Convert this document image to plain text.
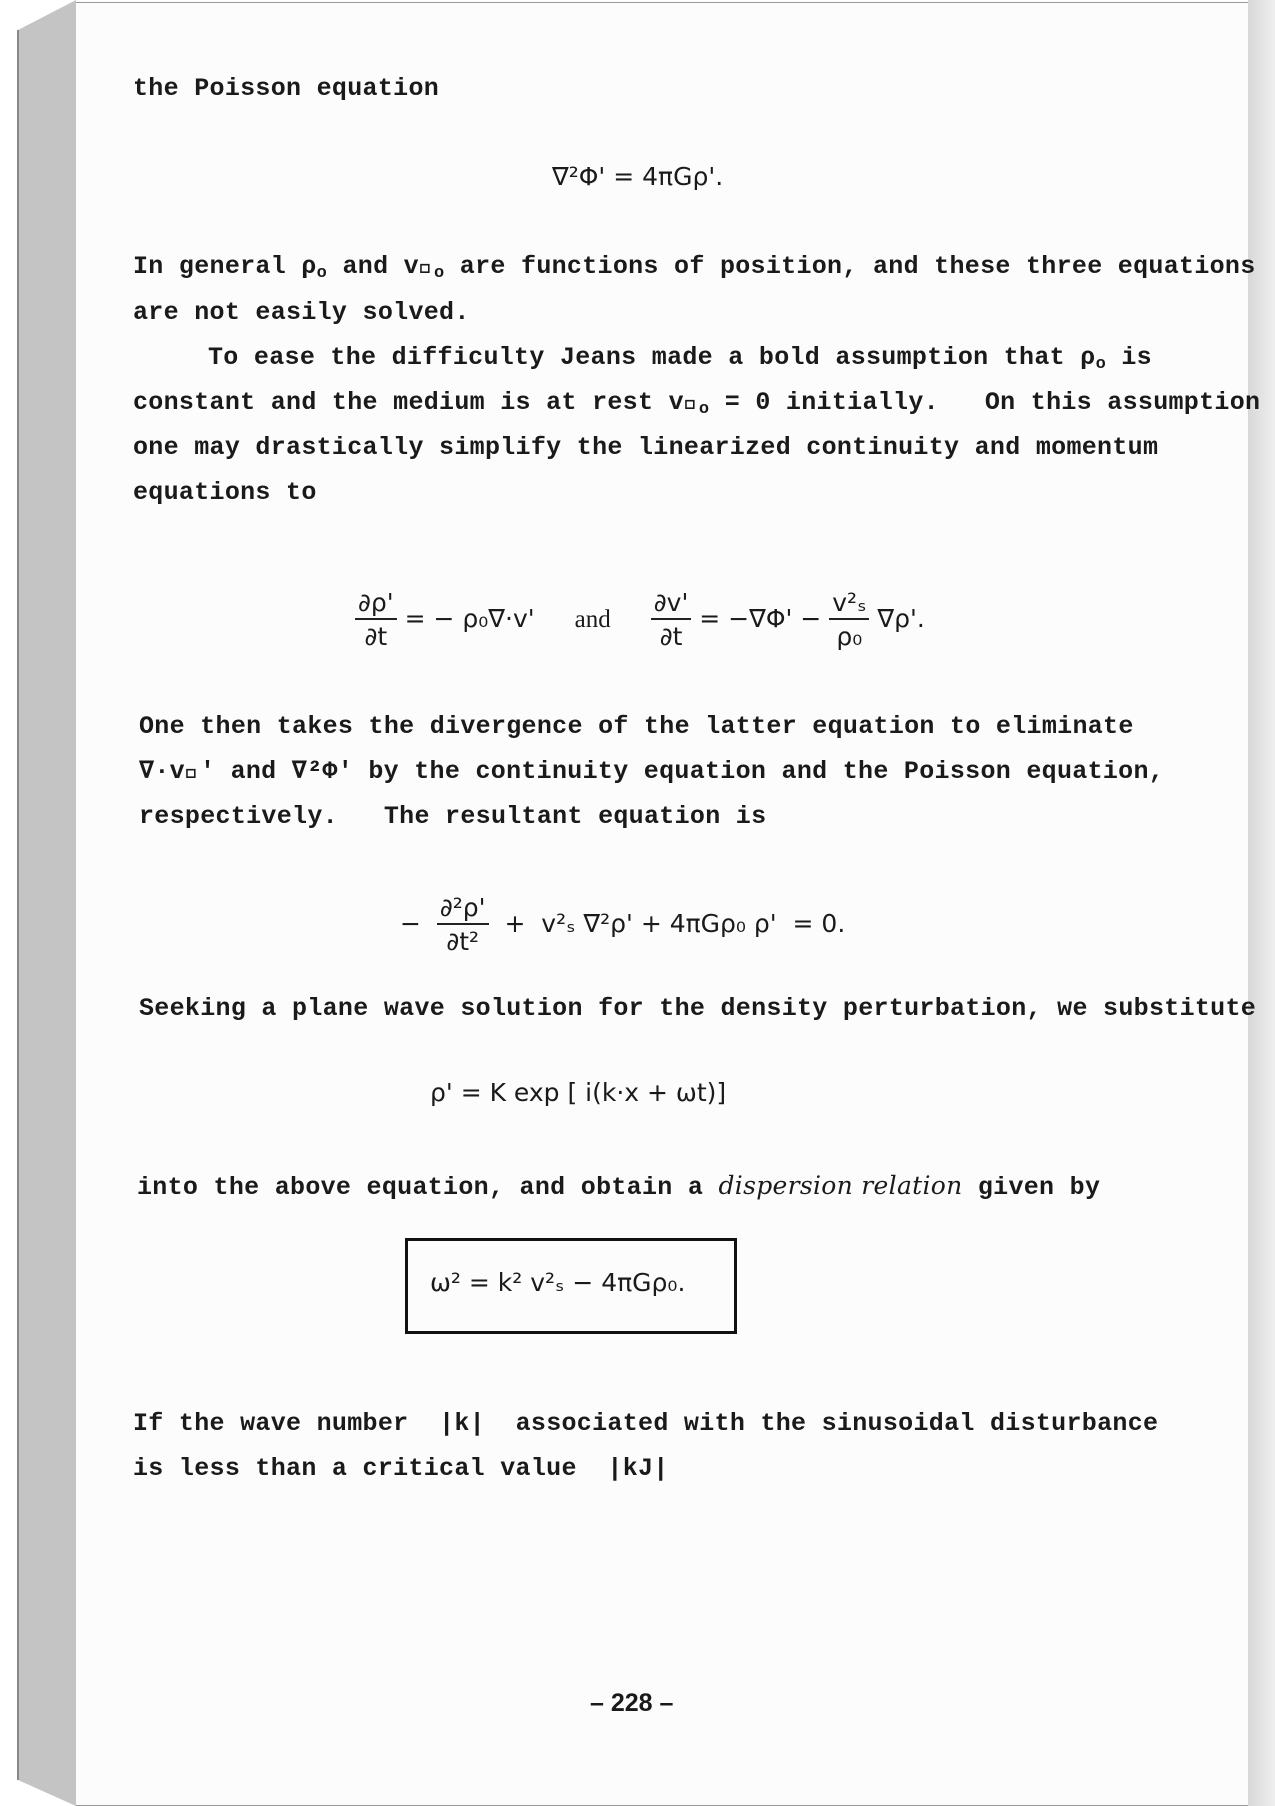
the Poisson equation
∇²Φ' = 4πGρ'.
In general $\rho_o$ and $v⃗_o$ are functions of position, and these three equations
are not easily solved.
To ease the difficulty Jeans made a bold assumption that $\rho_o$ is
constant and the medium is at rest $v⃗_o = 0$ initially.   On this assumption
one may drastically simplify the linearized continuity and momentum
equations to
$\frac{\partial\rho'}{\partial t}$ = − ρ₀∇·v' and $\frac{\partial v'}{\partial t} = -\nabla\Phi' - \frac{\text{v²ₛ}}{\text{ρ₀}} \nabla\rho'$.
One then takes the divergence of the latter equation to eliminate
∇·v⃗' and ∇²Φ' by the continuity equation and the Poisson equation,
respectively.   The resultant equation is
− $\frac{\text{∂²ρ'}}{\text{∂t²}} + v^2_s$ ∇²ρ' + 4πGρ₀ ρ'  = 0.
Seeking a plane wave solution for the density perturbation, we substitute
ρ' = K exp [ i(k·x + ωt)]
into the above equation, and obtain a dispersion relation given by
ω² = k² v²ₛ − 4πGρ₀.
If the wave number  |k|  associated with the sinusoidal disturbance
is less than a critical value  |kJ|
– 228 –
